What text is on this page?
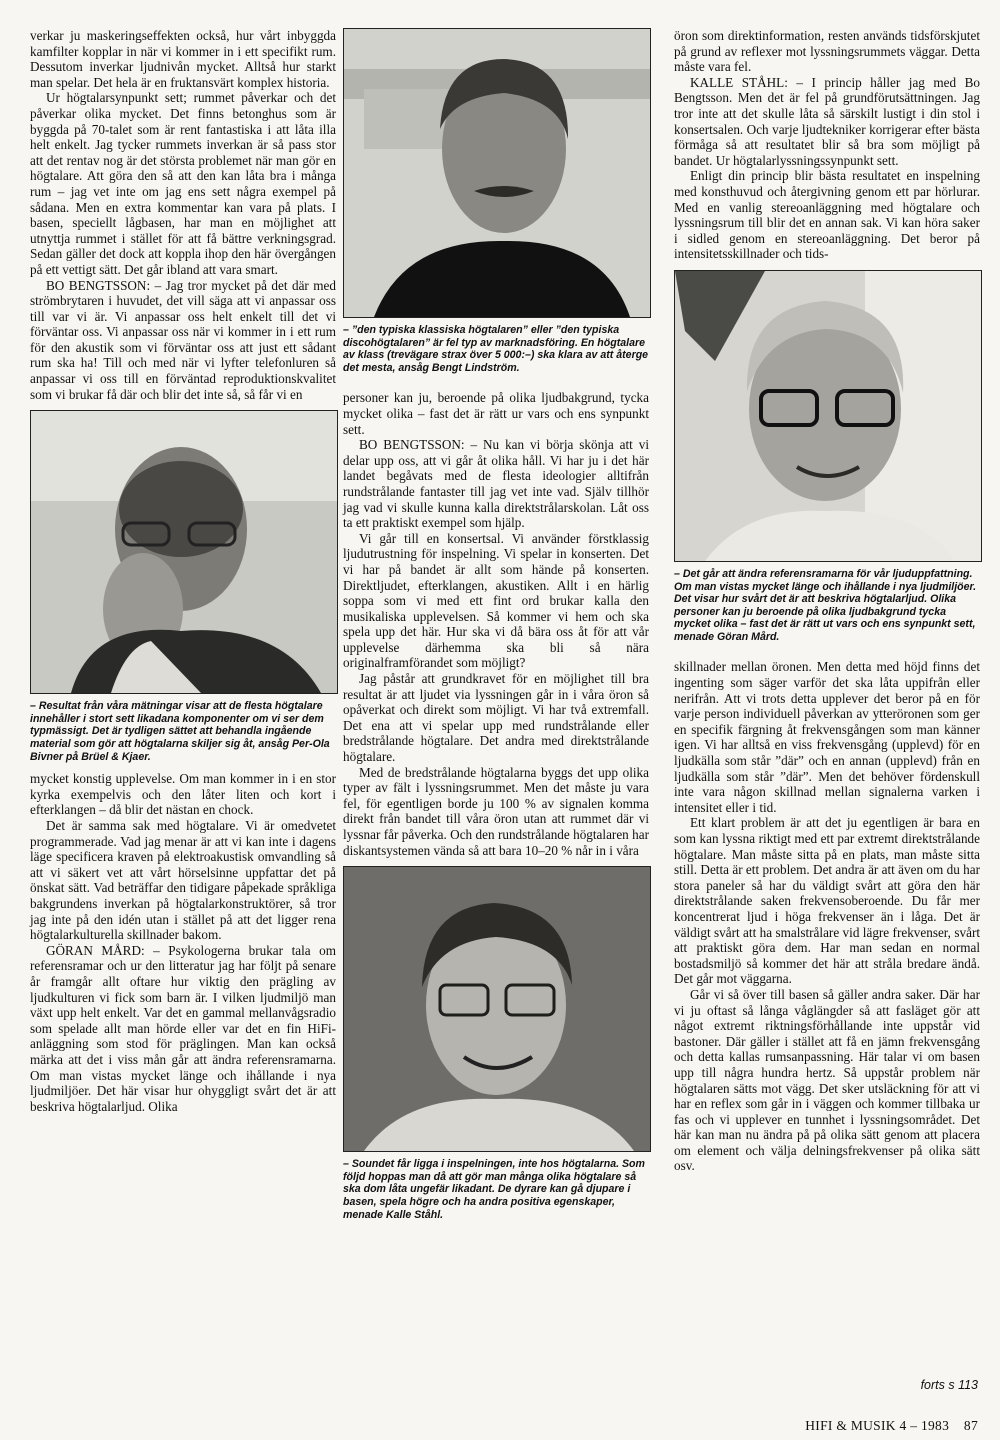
verkar ju maskeringseffekten också, hur vårt inbyggda kamfilter kopplar in när vi kommer in i ett specifikt rum. Dessutom inverkar ljudnivån mycket. Alltså hur starkt man spelar. Det hela är en fruktansvärt komplex historia.

Ur högtalarsynpunkt sett; rummet påverkar och det påverkar olika mycket. Det finns betonghus som är byggda på 70-talet som är rent fantastiska i att låta illa helt enkelt. Jag tycker rummets inverkan är så pass stor att det rentav nog är det största problemet när man gör en högtalare. Att göra den så att den kan låta bra i många rum – jag vet inte om jag ens sett några exempel på sådana. Men en extra kommentar kan vara på plats. I basen, speciellt lågbasen, har man en möjlighet att utnyttja rummet i stället för att få bättre verkningsgrad. Sedan gäller det dock att koppla ihop den här övergången på ett vettigt sätt. Det går ibland att vara smart.

BO BENGTSSON: – Jag tror mycket på det där med strömbrytaren i huvudet, det vill säga att vi anpassar oss till var vi är. Vi anpassar oss helt enkelt till det vi förväntar oss. Vi anpassar oss när vi kommer in i ett rum för den akustik som vi förväntar oss att just ett sådant rum ska ha! Till och med när vi lyfter telefonluren så anpassar vi oss till en förväntad reproduktionskvalitet som vi brukar få där och blir det inte så, så får vi en

– Resultat från våra mätningar visar att de flesta högtalare innehåller i stort sett likadana komponenter om vi ser dem typmässigt. Det är tydligen sättet att behandla ingående material som gör att högtalarna skiljer sig åt, ansåg Per-Ola Bivner på Brüel & Kjaer.

mycket konstig upplevelse. Om man kommer in i en stor kyrka exempelvis och den låter liten och kort i efterklangen – då blir det nästan en chock.

Det är samma sak med högtalare. Vi är omedvetet programmerade. Vad jag menar är att vi kan inte i dagens läge specificera kraven på elektroakustisk omvandling så att vi säkert vet att vårt hörselsinne uppfattar det på önskat sätt. Vad beträffar den tidigare påpekade språkliga bakgrundens inverkan på högtalarkonstruktörer, så tror jag inte på den idén utan i stället på att det ligger rena högtalarkulturella skillnader bakom.

GÖRAN MÅRD: – Psykologerna brukar tala om referensramar och ur den litteratur jag har följt på senare år framgår allt oftare hur viktig den prägling av ljudkulturen vi fick som barn är. I vilken ljudmiljö man växt upp helt enkelt. Var det en gammal mellanvågsradio som spelade allt man hörde eller var det en fin HiFi-anläggning som stod för präglingen. Man kan också märka att det i viss mån går att ändra referensramarna. Om man vistas mycket länge och ihållande i nya ljudmiljöer. Det här visar hur ohyggligt svårt det är att beskriva högtalarljud. Olika

– ”den typiska klassiska högtalaren” eller ”den typiska discohögtalaren” är fel typ av marknadsföring. En högtalare av klass (trevägare strax över 5 000:–) ska klara av att återge det mesta, ansåg Bengt Lindström.

personer kan ju, beroende på olika ljudbakgrund, tycka mycket olika – fast det är rätt ur vars och ens synpunkt sett.

BO BENGTSSON: – Nu kan vi börja skönja att vi delar upp oss, att vi går åt olika håll. Vi har ju i det här landet begåvats med de flesta ideologier alltifrån rundstrålande fantaster till jag vet inte vad. Själv tillhör jag vad vi skulle kunna kalla direktstrålarskolan. Låt oss ta ett praktiskt exempel som hjälp.

Vi går till en konsertsal. Vi använder förstklassig ljudutrustning för inspelning. Vi spelar in konserten. Det vi har på bandet är allt som hände på konserten. Direktljudet, efterklangen, akustiken. Allt i en härlig soppa som vi med ett fint ord brukar kalla den musikaliska upplevelsen. Så kommer vi hem och ska spela upp det här. Hur ska vi då bära oss åt för att vår upplevelse därhemma ska bli så nära originalframförandet som möjligt?

Jag påstår att grundkravet för en möjlighet till bra resultat är att ljudet via lyssningen går in i våra öron så opåverkat och direkt som möjligt. Vi har två extremfall. Det ena att vi spelar upp med rundstrålande eller bredstrålande högtalare. Det andra med direktstrålande högtalare.

Med de bredstrålande högtalarna byggs det upp olika typer av fält i lyssningsrummet. Men det måste ju vara fel, för egentligen borde ju 100 % av signalen komma direkt från bandet till våra öron utan att rummet där vi lyssnar får påverka. Och den rundstrålande högtalaren har diskantsystemen vända så att bara 10–20 % når in i våra

– Soundet får ligga i inspelningen, inte hos högtalarna. Som följd hoppas man då att gör man många olika högtalare så ska dom låta ungefär likadant. De dyrare kan gå djupare i basen, spela högre och ha andra positiva egenskaper, menade Kalle Ståhl.

öron som direktinformation, resten används tidsförskjutet på grund av reflexer mot lyssningsrummets väggar. Detta måste vara fel.

KALLE STÅHL: – I princip håller jag med Bo Bengtsson. Men det är fel på grundförutsättningen. Jag tror inte att det skulle låta så särskilt lustigt i din stol i konsertsalen. Och varje ljudtekniker korrigerar efter bästa förmåga så att resultatet blir så bra som möjligt på bandet. Ur högtalarlyssningssynpunkt sett.

Enligt din princip blir bästa resultatet en inspelning med konsthuvud och återgivning genom ett par hörlurar. Med en vanlig stereoanläggning med högtalare och lyssningsrum till blir det en annan sak. Vi kan höra saker i sidled genom en stereoanläggning. Det beror på intensitetsskillnader och tids-

– Det går att ändra referensramarna för vår ljuduppfattning. Om man vistas mycket länge och ihållande i nya ljudmiljöer. Det visar hur svårt det är att beskriva högtalarljud. Olika personer kan ju beroende på olika ljudbakgrund tycka mycket olika – fast det är rätt ut vars och ens synpunkt sett, menade Göran Mård.

skillnader mellan öronen. Men detta med höjd finns det ingenting som säger varför det ska låta uppifrån eller nerifrån. Att vi trots detta upplever det beror på en för varje person individuell påverkan av ytteröronen som ger en specifik färgning åt frekvensgången som man känner igen. Vi har alltså en viss frekvensgång (upplevd) för en ljudkälla som står ”där” och en annan (upplevd) från en ljudkälla som står ”där”. Men det behöver fördenskull inte vara någon skillnad mellan signalerna varken i intensitet eller i tid.

Ett klart problem är att det ju egentligen är bara en som kan lyssna riktigt med ett par extremt direktstrålande högtalare. Man måste sitta på en plats, man måste sitta still. Detta är ett problem. Det andra är att även om du har stora paneler så har du väldigt svårt att göra den här direktstrålande saken frekvensoberoende. Du får mer koncentrerat ljud i höga frekvenser än i låga. Det är väldigt svårt att ha smalstrålare vid lägre frekvenser, svårt att praktiskt göra dem. Har man sedan en normal bostadsmiljö så kommer det här att stråla bredare ändå. Det går mot väggarna.

Går vi så över till basen så gäller andra saker. Där har vi ju oftast så långa våglängder så att fasläget gör att något extremt riktningsförhållande inte uppstår vid bastoner. Där gäller i stället att få en jämn frekvensgång och detta kallas rumsanpassning. Här talar vi om basen upp till några hundra hertz. Så uppstår problem när högtalaren sätts mot vägg. Det sker utsläckning för att vi har en reflex som går in i väggen och kommer tillbaka ur fas och vi upplever en tunnhet i lyssningsområdet. Det här kan man nu ändra på på olika sätt genom att placera om element och välja delningsfrekvenser på olika sätt osv.

forts s 113
HIFI & MUSIK 4 – 1983 87
